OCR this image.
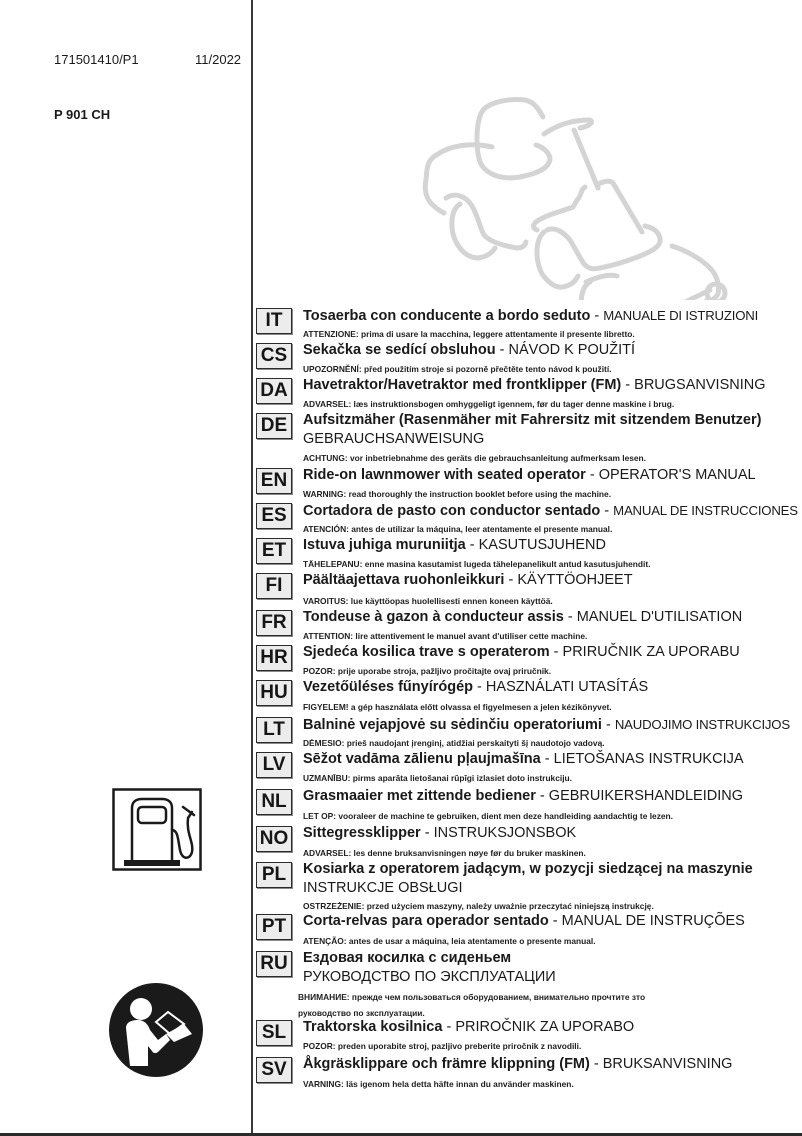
171501410/P1	11/2022
P 901 CH
IT	Tosaerba con conducente a bordo seduto - MANUALE DI ISTRUZIONI
ATTENZIONE: prima di usare la macchina, leggere attentamente il presente libretto.
CS	Sekačka se sedící obsluhou - NÁVOD K POUŽITÍ
UPOZORNĚNÍ: před použitím stroje si pozorně přečtěte tento návod k použití.
DA Havetraktor/Havetraktor med frontklipper (FM) - BRUGSANVISNING
ADVARSEL: læs instruktionsbogen omhyggeligt igennem, før du tager denne maskine i brug.
DE	Aufsitzmäher (Rasenmäher mit Fahrersitz mit sitzendem Benutzer)
GEBRAUCHSANWEISUNG
ACHTUNG: vor inbetriebnahme des geräts die gebrauchsanleitung aufmerksam lesen.
EN	Ride-on lawnmower with seated operator - OPERATOR'S MANUAL
WARNING: read thoroughly the instruction booklet before using the machine.
ES	Cortadora de pasto con conductor sentado - MANUAL DE INSTRUCCIONES
ATENCIÓN: antes de utilizar la máquina, leer atentamente el presente manual.
ET	Istuva juhiga muruniitja - KASUTUSJUHEND
TÄHELEPANU: enne masina kasutamist lugeda tähelepanelikult antud kasutusjuhendit.
FI	Päältäajettava ruohonleikkuri - KÄYTTÖOHJEET
VAROITUS: lue käyttöopas huolellisesti ennen koneen käyttöä.
FR	Tondeuse à gazon à conducteur assis - MANUEL D'UTILISATION
ATTENTION: lire attentivement le manuel avant d'utiliser cette machine.
HR Sjedeća kosilica trave s operaterom - PRIRUČNIK ZA UPORABU
POZOR: prije uporabe stroja, pažljivo pročitajte ovaj priručnik.
HU Vezetőüléses fűnyírógép - HASZNÁLATI UTASÍTÁS
FIGYELEM! a gép használata előtt olvassa el figyelmesen a jelen kézikönyvet.
LT	Balninė vejapjovė su sėdinčiu operatoriumi - NAUDOJIMO INSTRUKCIJOS
DĖMESIO: prieš naudojant įrenginį, atidžiai perskaityti šį naudotojo vadovą.
LV	Sēžot vadāma zālienu pļaujmašīna - LIETOŠANAS INSTRUKCIJA
UZMANĪBU: pirms aparāta lietošanai rūpīgi izlasiet doto instrukciju.
NL	Grasmaaier met zittende bediener - GEBRUIKERSHANDLEIDING
LET OP: vooraleer de machine te gebruiken, dient men deze handleiding aandachtig te lezen.
NO Sittegressklipper - INSTRUKSJONSBOK
ADVARSEL: les denne bruksanvisningen nøye før du bruker maskinen.
PL	Kosiarka z operatorem jadącym, w pozycji siedzącej na maszynie
INSTRUKCJE OBSŁUGI
OSTRZEŻENIE: przed użyciem maszyny, należy uważnie przeczytać niniejszą instrukcję.
PT	Corta-relvas para operador sentado - MANUAL DE INSTRUÇÕES
ATENÇÃO: antes de usar a máquina, leia atentamente o presente manual.
RU Ездовая косилка с сиденьем
РУКОВОДСТВО ПО ЭКСПЛУАТАЦИИ
ВНИМАНИЕ: прежде чем пользоваться оборудованием, внимательно прочтите зто
руководство по зксплуатации.
SL	Traktorska kosilnica - PRIROČNIK ZA UPORABO
POZOR: preden uporabite stroj, pazljivo preberite priročnik z navodili.
SV	Åkgräsklippare och främre klippning (FM) - BRUKSANVISNING
VARNING: läs igenom hela detta häfte innan du använder maskinen.
